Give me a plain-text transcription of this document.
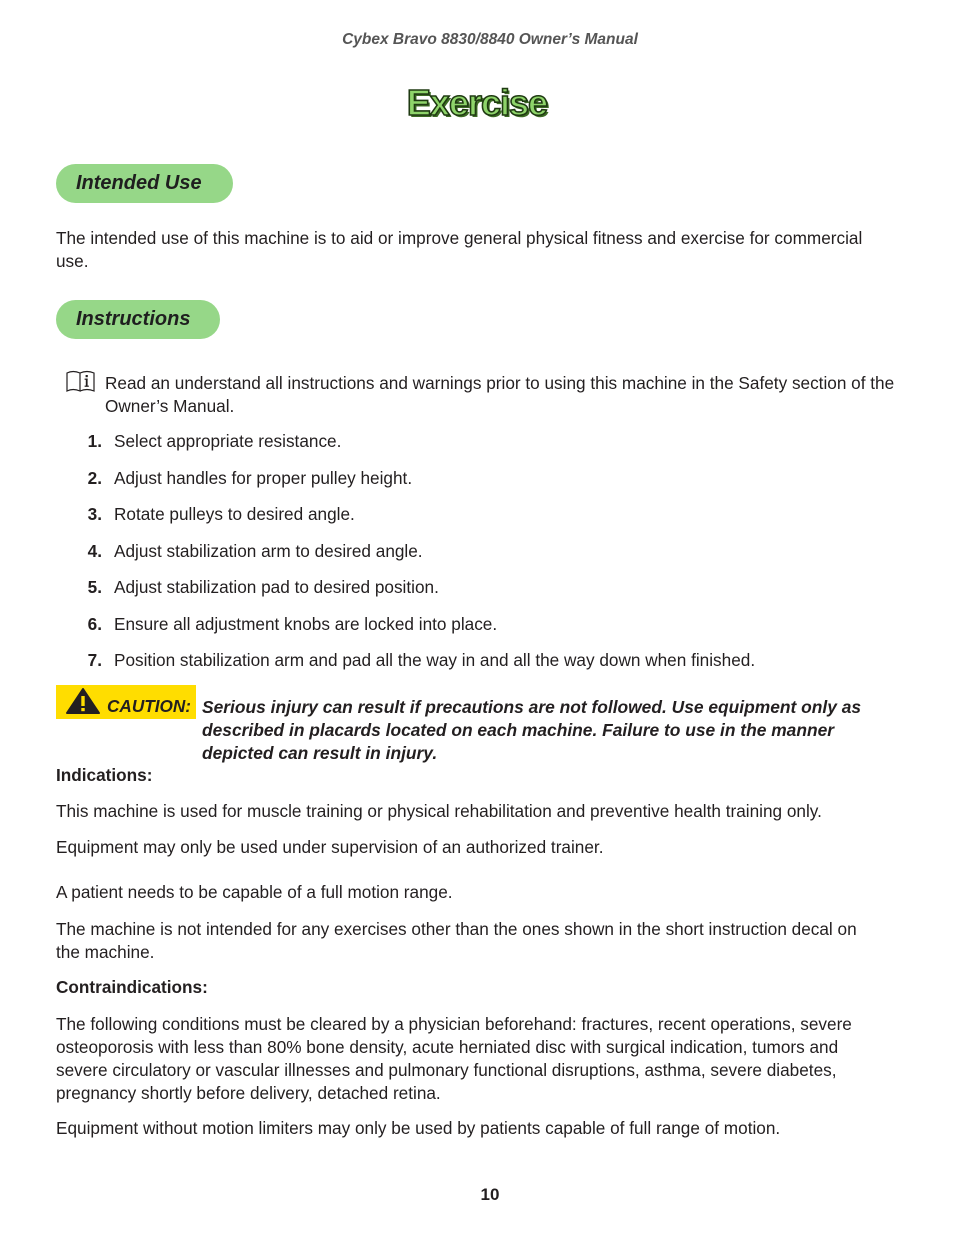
Cybex Bravo 8830/8840 Owner’s Manual
Exercise
Intended Use
The intended use of this machine is to aid or improve general physical fitness and exercise for commercial use.
Instructions
Read an understand all instructions and warnings prior to using this machine in the Safety section of the Owner’s Manual.
1. Select appropriate resistance.
2. Adjust handles for proper pulley height.
3. Rotate pulleys to desired angle.
4. Adjust stabilization arm to desired angle.
5. Adjust stabilization pad to desired position.
6. Ensure all adjustment knobs are locked into place.
7. Position stabilization arm and pad all the way in and all the way down when finished.
CAUTION: Serious injury can result if precautions are not followed. Use equipment only as described in placards located on each machine. Failure to use in the manner depicted can result in injury.
Indications:
This machine is used for muscle training or physical rehabilitation and preventive health training only.
Equipment may only be used under supervision of an authorized trainer.
A patient needs to be capable of a full motion range.
The machine is not intended for any exercises other than the ones shown in the short instruction decal on the machine.
Contraindications:
The following conditions must be cleared by a physician beforehand: fractures, recent operations, severe osteoporosis with less than 80% bone density, acute herniated disc with surgical indication, tumors and severe circulatory or vascular illnesses and pulmonary functional disruptions, asthma, severe diabetes, pregnancy shortly before delivery, detached retina.
Equipment without motion limiters may only be used by patients capable of full range of motion.
10
